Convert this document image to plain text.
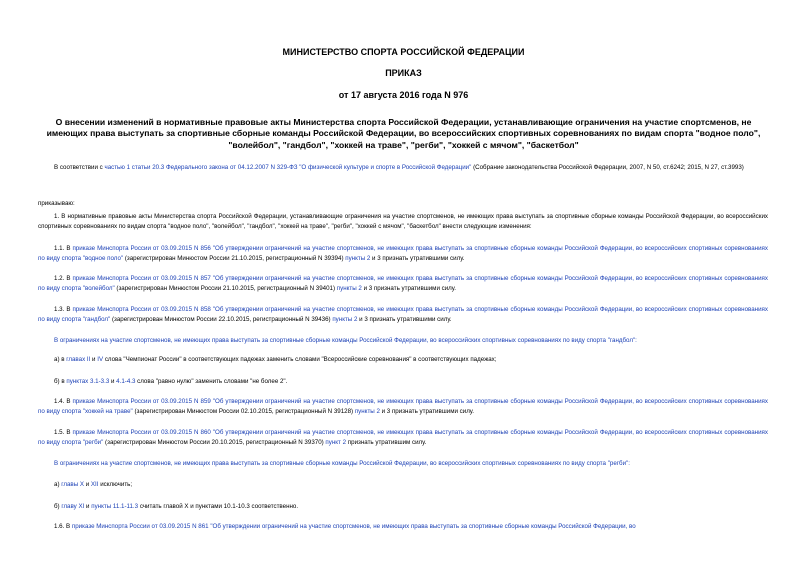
МИНИСТЕРСТВО СПОРТА РОССИЙСКОЙ ФЕДЕРАЦИИ
ПРИКАЗ
от 17 августа 2016 года N 976
О внесении изменений в нормативные правовые акты Министерства спорта Российской Федерации, устанавливающие ограничения на участие спортсменов, не имеющих права выступать за спортивные сборные команды Российской Федерации, во всероссийских спортивных соревнованиях по видам спорта "водное поло", "волейбол", "гандбол", "хоккей на траве", "регби", "хоккей с мячом", "баскетбол"
В соответствии с частью 1 статьи 20.3 Федерального закона от 04.12.2007 N 329-ФЗ "О физической культуре и спорте в Российской Федерации" (Собрание законодательства Российской Федерации, 2007, N 50, ст.6242; 2015, N 27, ст.3993)
приказываю:
1. В нормативные правовые акты Министерства спорта Российской Федерации, устанавливающие ограничения на участие спортсменов, не имеющих права выступать за спортивные сборные команды Российской Федерации, во всероссийских спортивных соревнованиях по видам спорта "водное поло", "волейбол", "гандбол", "хоккей на траве", "регби", "хоккей с мячом", "баскетбол" внести следующие изменения:
1.1. В приказе Минспорта России от 03.09.2015 N 856 "Об утверждении ограничений на участие спортсменов, не имеющих права выступать за спортивные сборные команды Российской Федерации, во всероссийских спортивных соревнованиях по виду спорта "водное поло" (зарегистрирован Минюстом России 21.10.2015, регистрационный N 39394) пункты 2 и 3 признать утратившими силу.
1.2. В приказе Минспорта России от 03.09.2015 N 857 "Об утверждении ограничений на участие спортсменов, не имеющих права выступать за спортивные сборные команды Российской Федерации, во всероссийских спортивных соревнованиях по виду спорта "волейбол" (зарегистрирован Минюстом России 21.10.2015, регистрационный N 39401) пункты 2 и 3 признать утратившими силу.
1.3. В приказе Минспорта России от 03.09.2015 N 858 "Об утверждении ограничений на участие спортсменов, не имеющих права выступать за спортивные сборные команды Российской Федерации, во всероссийских спортивных соревнованиях по виду спорта "гандбол" (зарегистрирован Минюстом России 22.10.2015, регистрационный N 39436) пункты 2 и 3 признать утратившими силу.
В ограничениях на участие спортсменов, не имеющих права выступать за спортивные сборные команды Российской Федерации, во всероссийских спортивных соревнованиях по виду спорта "гандбол":
а) в главах II и IV слова "Чемпионат России" в соответствующих падежах заменить словами "Всероссийские соревнования" в соответствующих падежах;
б) в пунктах 3.1-3.3 и 4.1-4.3 слова "равно нулю" заменить словами "не более 2".
1.4. В приказе Минспорта России от 03.09.2015 N 859 "Об утверждении ограничений на участие спортсменов, не имеющих права выступать за спортивные сборные команды Российской Федерации, во всероссийских спортивных соревнованиях по виду спорта "хоккей на траве" (зарегистрирован Минюстом России 02.10.2015, регистрационный N 39128) пункты 2 и 3 признать утратившими силу.
1.5. В приказе Минспорта России от 03.09.2015 N 860 "Об утверждении ограничений на участие спортсменов, не имеющих права выступать за спортивные сборные команды Российской Федерации, во всероссийских спортивных соревнованиях по виду спорта "регби" (зарегистрирован Минюстом России 20.10.2015, регистрационный N 39370) пункт 2 признать утратившим силу.
В ограничениях на участие спортсменов, не имеющих права выступать за спортивные сборные команды Российской Федерации, во всероссийских спортивных соревнованиях по виду спорта "регби":
а) главы X и XII исключить;
б) главу XI и пункты 11.1-11.3 считать главой X и пунктами 10.1-10.3 соответственно.
1.6. В приказе Минспорта России от 03.09.2015 N 861 "Об утверждении ограничений на участие спортсменов, не имеющих права выступать за спортивные сборные команды Российской Федерации, во
